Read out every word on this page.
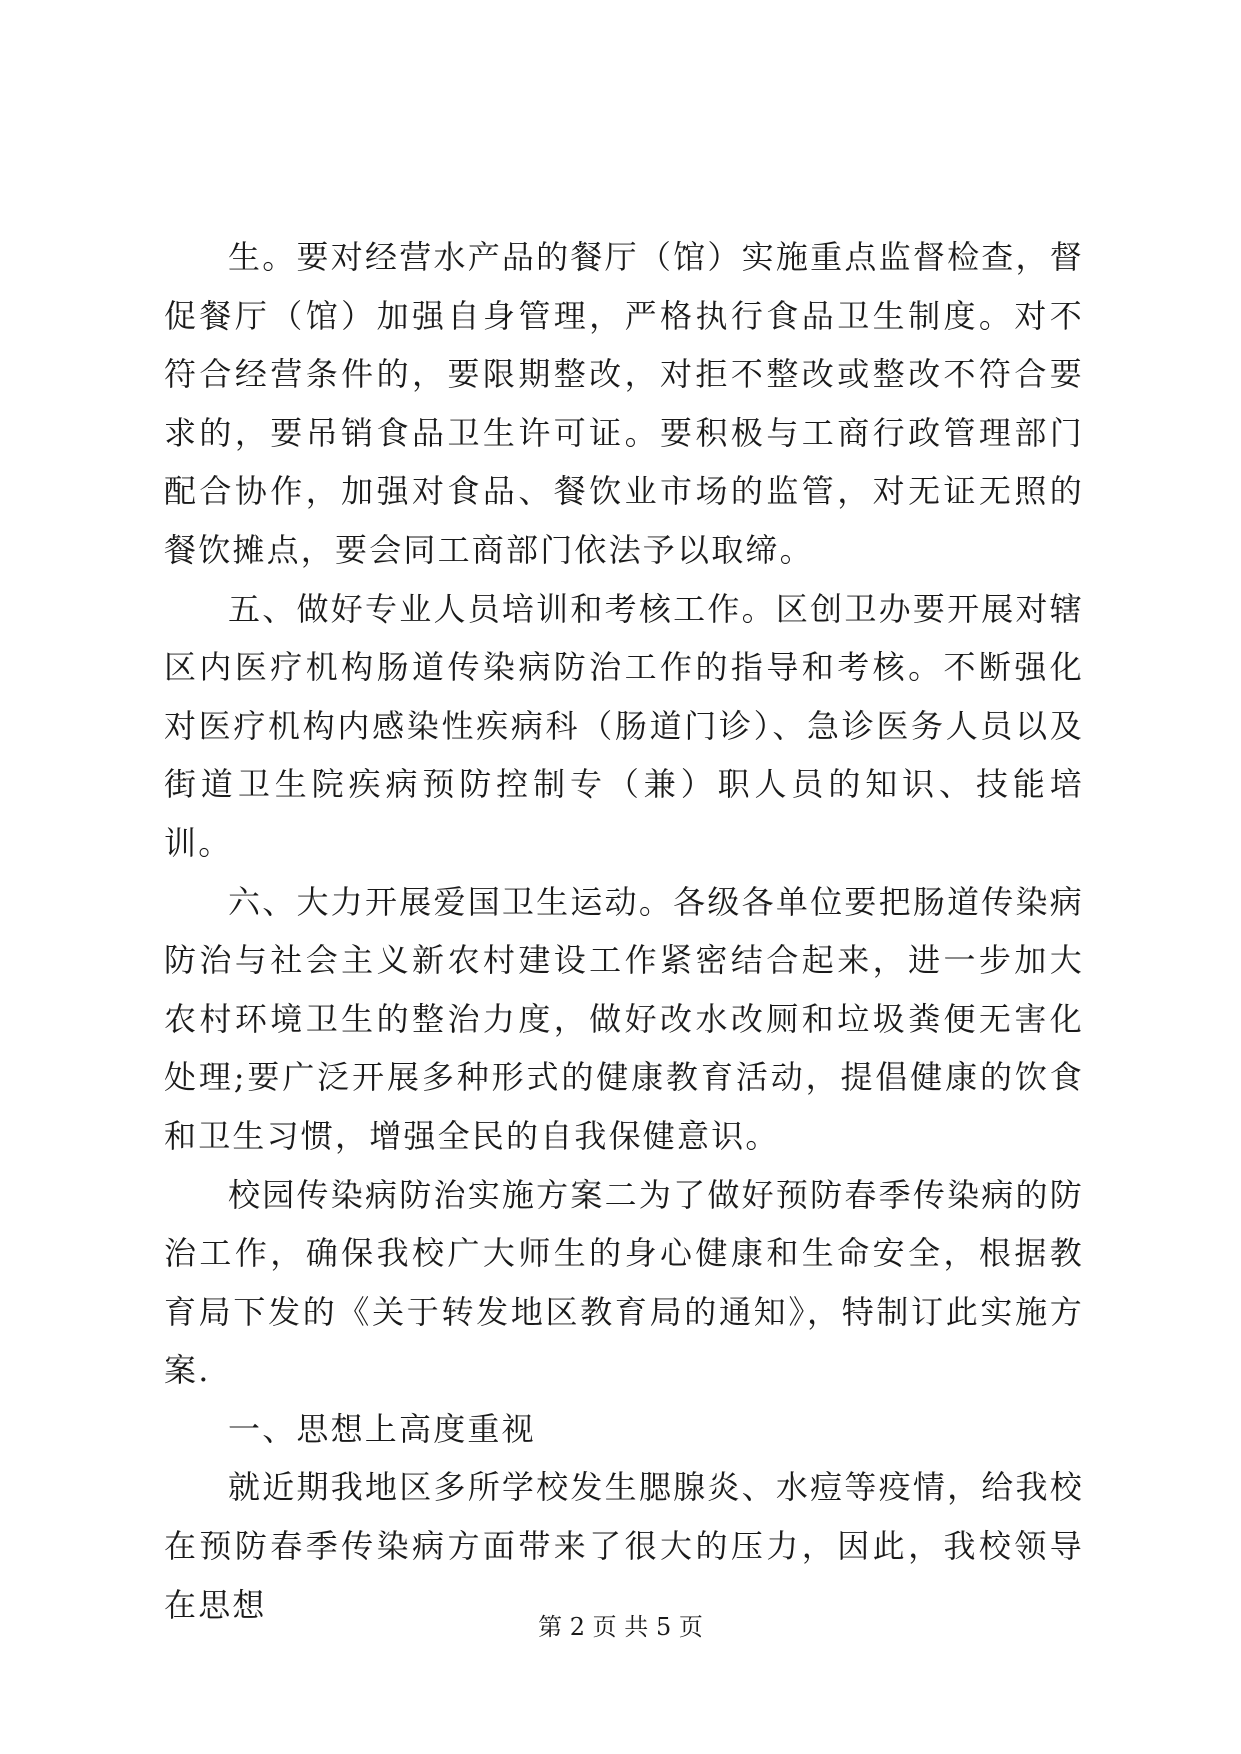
生。要对经营水产品的餐厅（馆）实施重点监督检查，督促餐厅（馆）加强自身管理，严格执行食品卫生制度。对不符合经营条件的，要限期整改，对拒不整改或整改不符合要求的，要吊销食品卫生许可证。要积极与工商行政管理部门配合协作，加强对食品、餐饮业市场的监管，对无证无照的餐饮摊点，要会同工商部门依法予以取缔。

五、做好专业人员培训和考核工作。区创卫办要开展对辖区内医疗机构肠道传染病防治工作的指导和考核。不断强化对医疗机构内感染性疾病科（肠道门诊）、急诊医务人员以及街道卫生院疾病预防控制专（兼）职人员的知识、技能培训。

六、大力开展爱国卫生运动。各级各单位要把肠道传染病防治与社会主义新农村建设工作紧密结合起来，进一步加大农村环境卫生的整治力度，做好改水改厕和垃圾粪便无害化处理;要广泛开展多种形式的健康教育活动，提倡健康的饮食和卫生习惯，增强全民的自我保健意识。

校园传染病防治实施方案二为了做好预防春季传染病的防治工作，确保我校广大师生的身心健康和生命安全，根据教育局下发的《关于转发地区教育局的通知》，特制订此实施方案.

一、思想上高度重视

就近期我地区多所学校发生腮腺炎、水痘等疫情，给我校在预防春季传染病方面带来了很大的压力，因此，我校领导在思想

第 2 页 共 5 页
